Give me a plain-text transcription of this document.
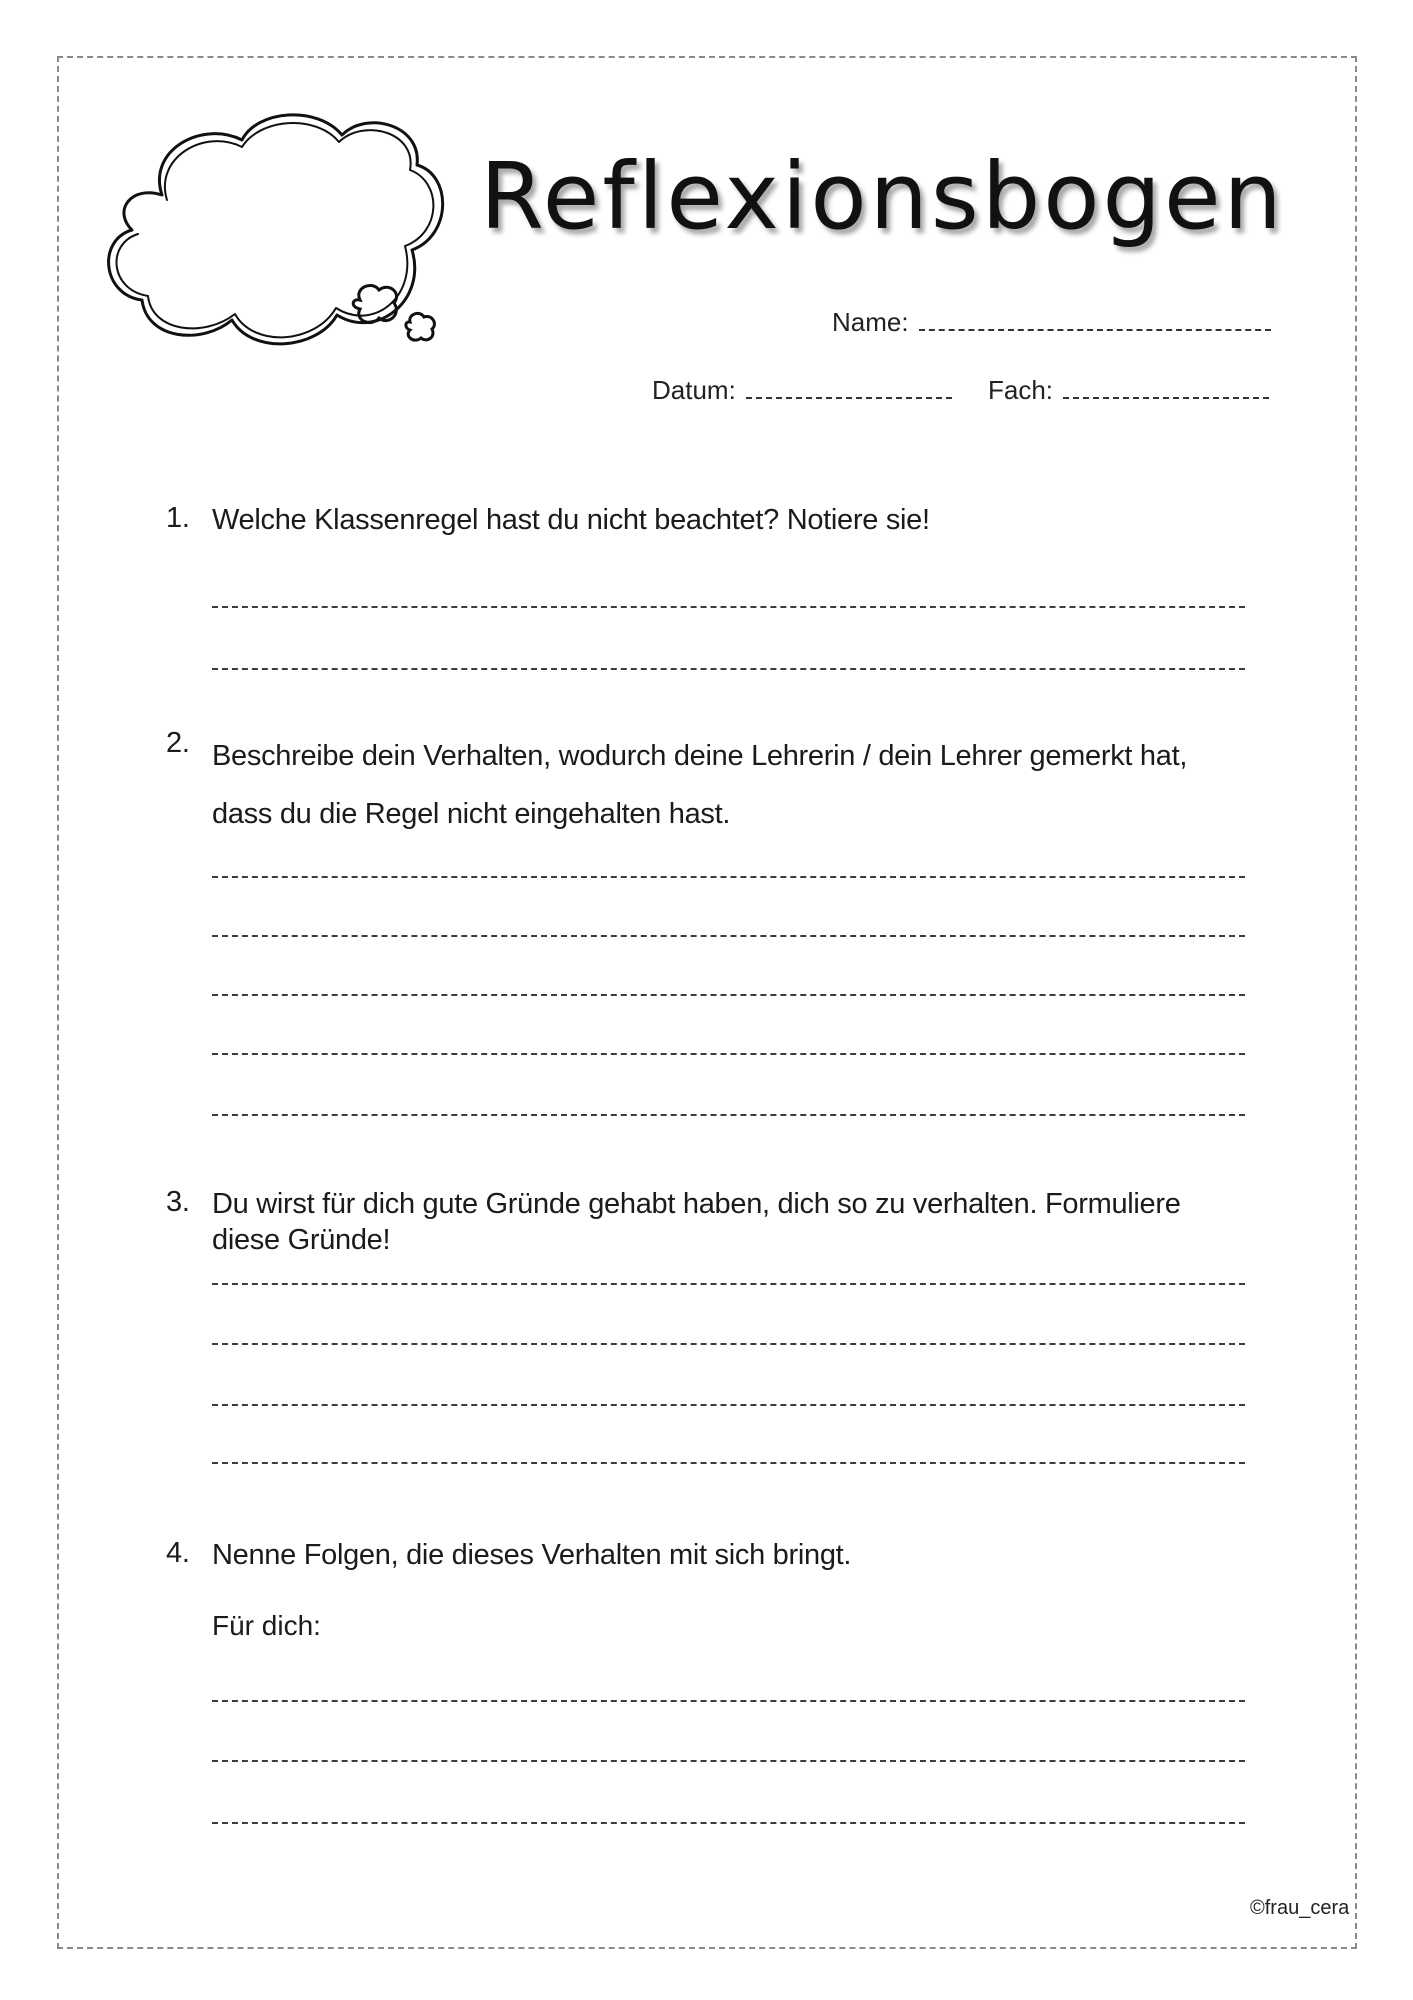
Reflexionsbogen
Name:
Datum:	Fach:
1. Welche Klassenregel hast du nicht beachtet? Notiere sie!
2. Beschreibe dein Verhalten, wodurch deine Lehrerin / dein Lehrer gemerkt hat, dass du die Regel nicht eingehalten hast.
3. Du wirst für dich gute Gründe gehabt haben, dich so zu verhalten. Formuliere diese Gründe!
4. Nenne Folgen, die dieses Verhalten mit sich bringt.
Für dich:
©frau_cera
